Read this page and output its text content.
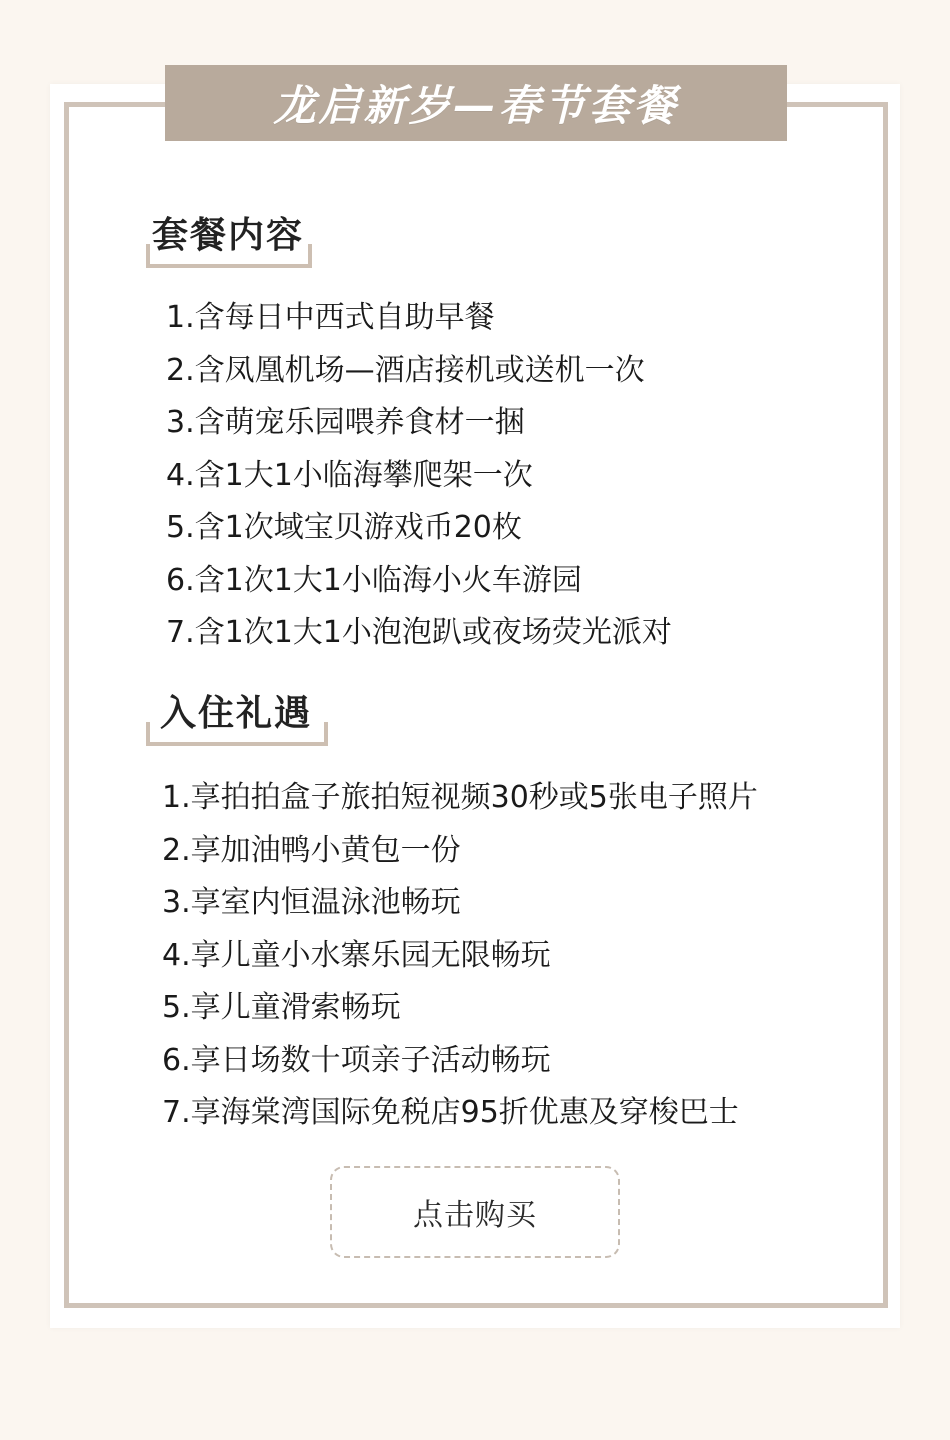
龙启新岁—春节套餐
套餐内容
1.含每日中西式自助早餐
2.含凤凰机场—酒店接机或送机一次
3.含萌宠乐园喂养食材一捆
4.含1大1小临海攀爬架一次
5.含1次域宝贝游戏币20枚
6.含1次1大1小临海小火车游园
7.含1次1大1小泡泡趴或夜场荧光派对
入住礼遇
1.享拍拍盒子旅拍短视频30秒或5张电子照片
2.享加油鸭小黄包一份
3.享室内恒温泳池畅玩
4.享儿童小水寨乐园无限畅玩
5.享儿童滑索畅玩
6.享日场数十项亲子活动畅玩
7.享海棠湾国际免税店95折优惠及穿梭巴士
点击购买
